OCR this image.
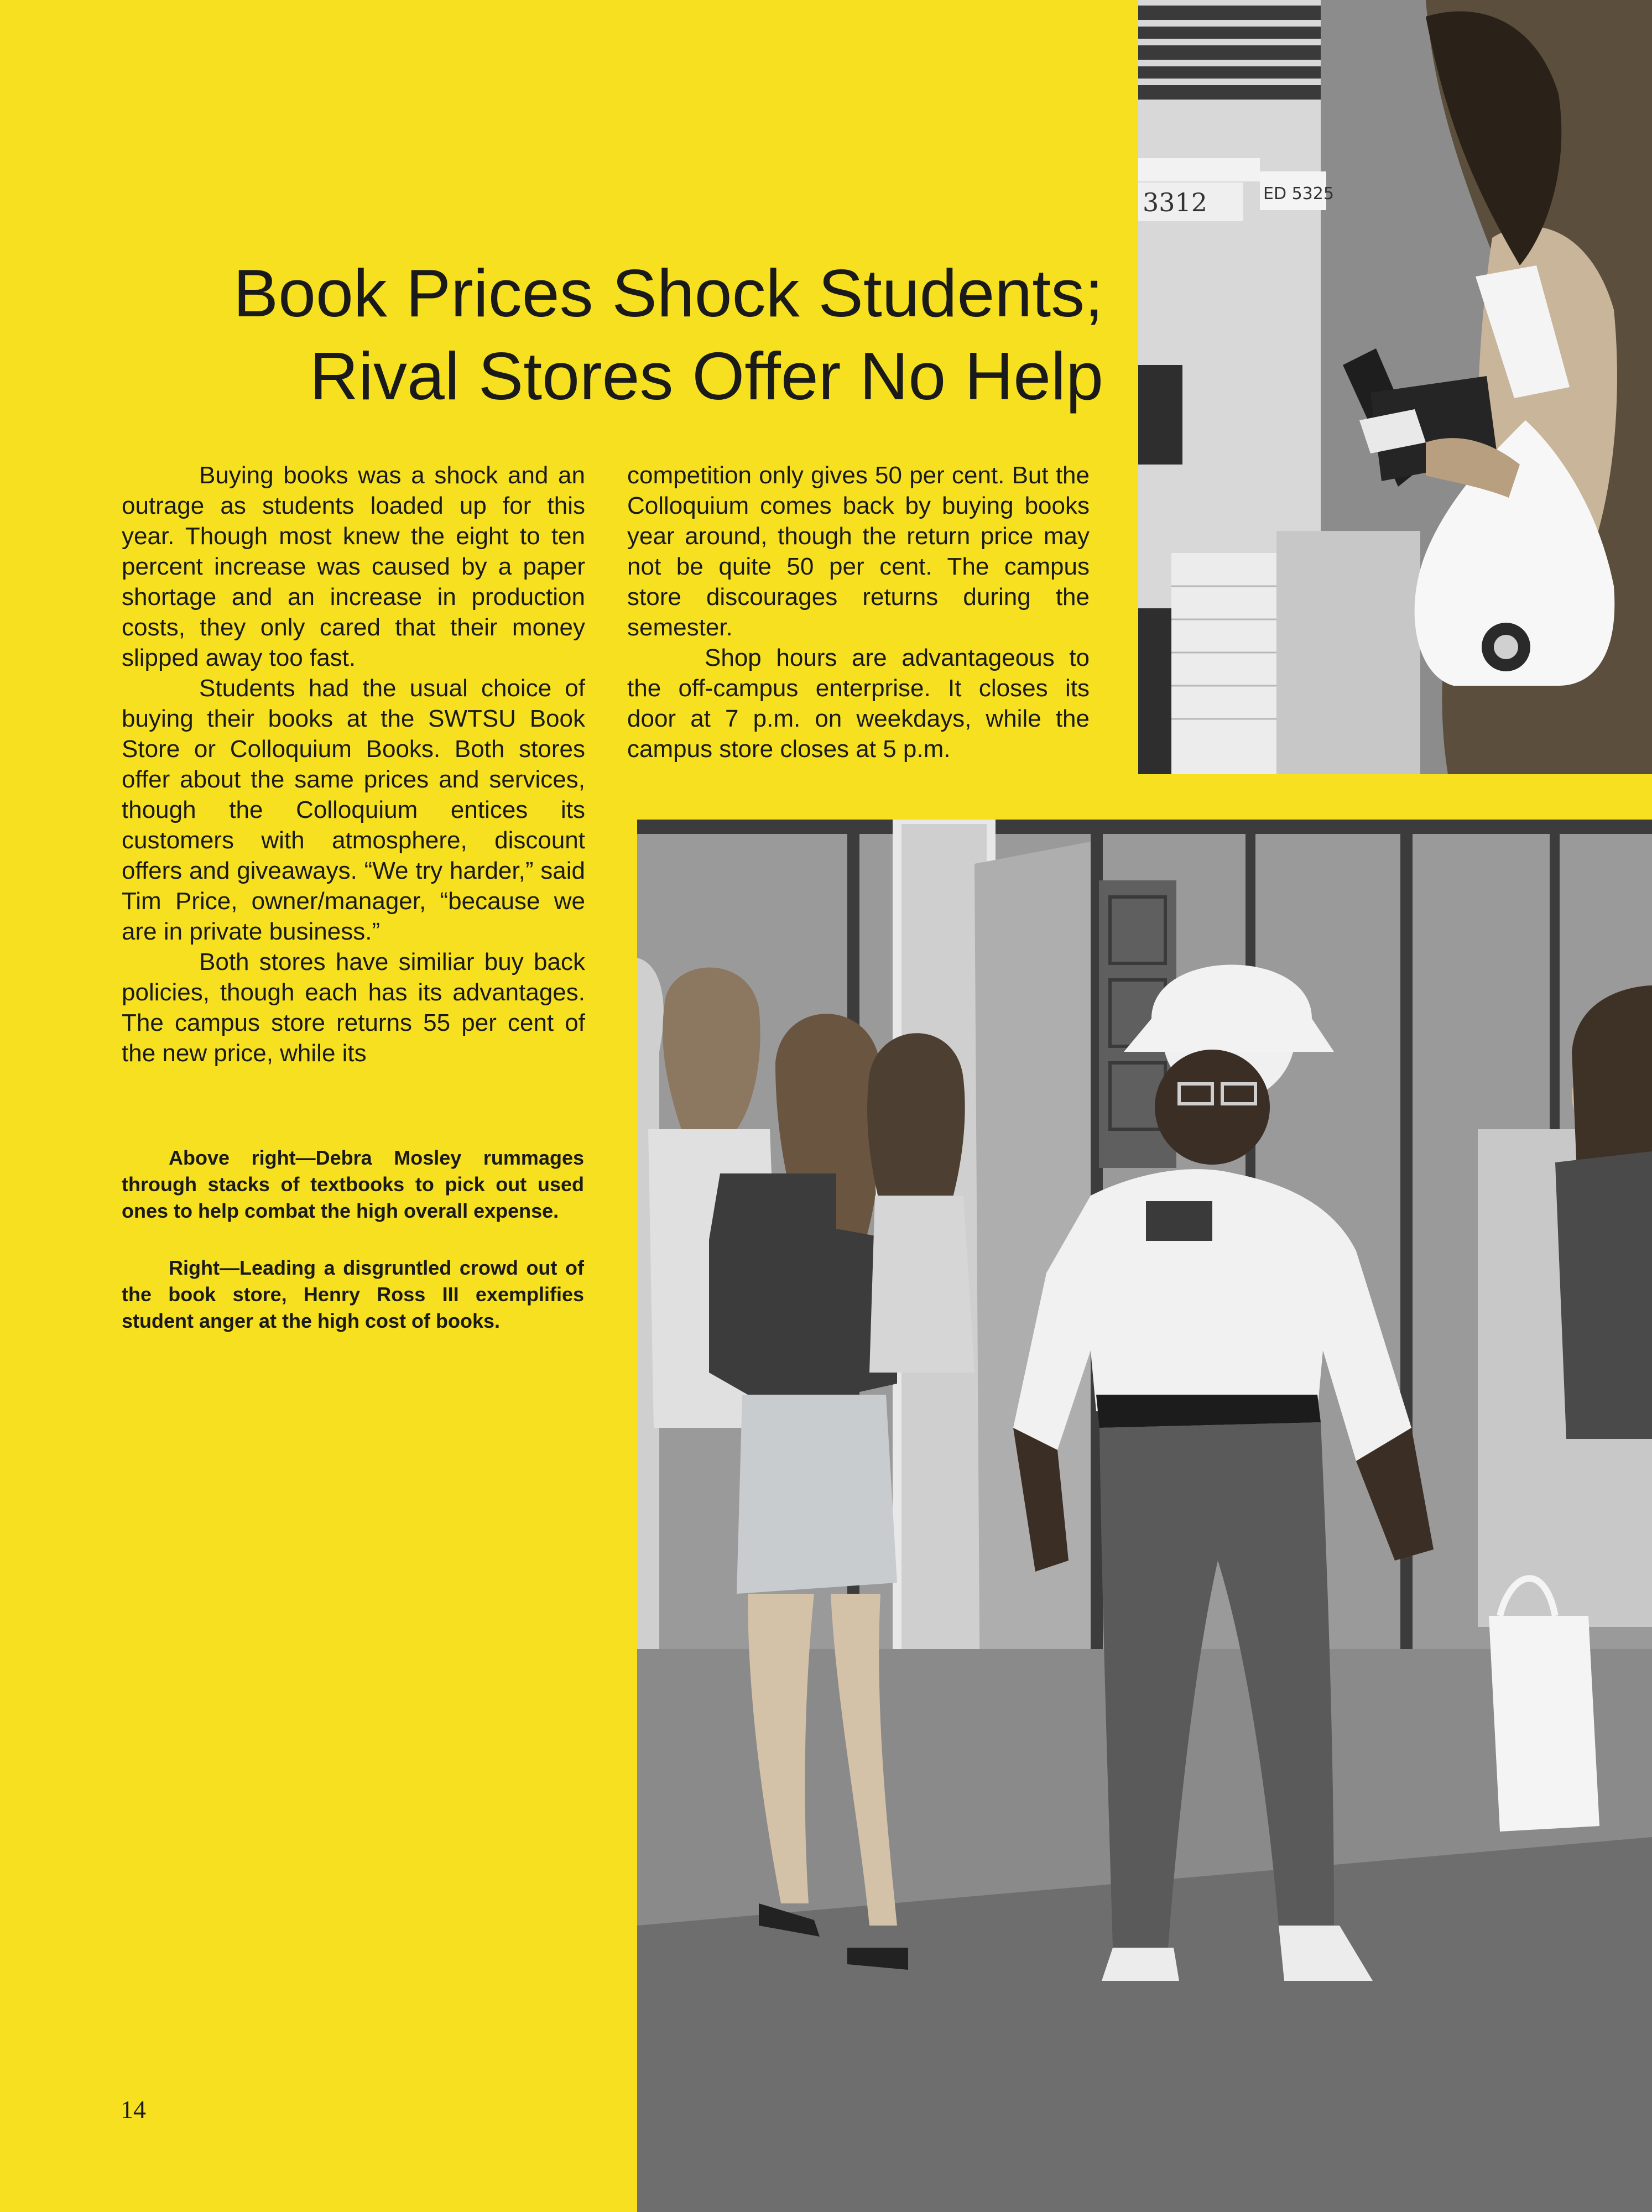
Book Prices Shock Students;
Rival Stores Offer No Help

Buying books was a shock and an outrage as students loaded up for this year. Though most knew the eight to ten percent increase was caused by a paper shortage and an increase in production costs, they only cared that their money slipped away too fast.

Students had the usual choice of buying their books at the SWTSU Book Store or Colloquium Books. Both stores offer about the same prices and services, though the Colloquium entices its customers with atmosphere, discount offers and giveaways. “We try harder,” said Tim Price, owner/manager, “because we are in private business.”

Both stores have similiar buy back policies, though each has its advantages. The campus store returns 55 per cent of the new price, while its

competition only gives 50 per cent. But the Colloquium comes back by buying books year around, though the return price may not be quite 50 per cent. The campus store discourages returns during the semester.

Shop hours are advantageous to the off-campus enterprise. It closes its door at 7 p.m. on weekdays, while the campus store closes at 5 p.m.

Above right—Debra Mosley rummages through stacks of textbooks to pick out used ones to help combat the high overall expense.

Right—Leading a disgruntled crowd out of the book store, Henry Ross III exemplifies student anger at the high cost of books.

14
3312	ED 5325
